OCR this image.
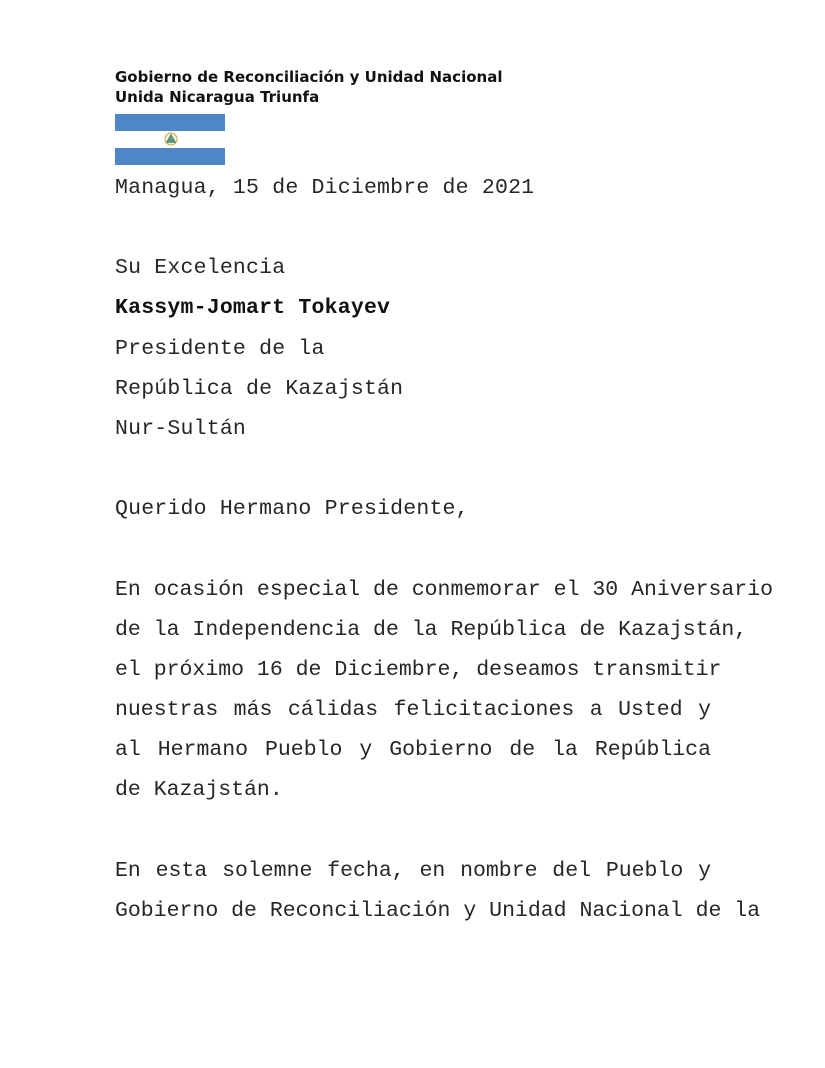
Gobierno de Reconciliación y Unidad Nacional
Unida Nicaragua Triunfa
Managua, 15 de Diciembre de 2021
Su Excelencia
Kassym-Jomart Tokayev
Presidente de la
República de Kazajstán
Nur-Sultán
Querido Hermano Presidente,
En ocasión especial de conmemorar el 30 Aniversario
de la Independencia de la República de Kazajstán,
el próximo 16 de Diciembre, deseamos transmitir
nuestras más cálidas felicitaciones a Usted y
al Hermano Pueblo y Gobierno de la República
de Kazajstán.
En esta solemne fecha, en nombre del Pueblo y
Gobierno de Reconciliación y Unidad Nacional de la
